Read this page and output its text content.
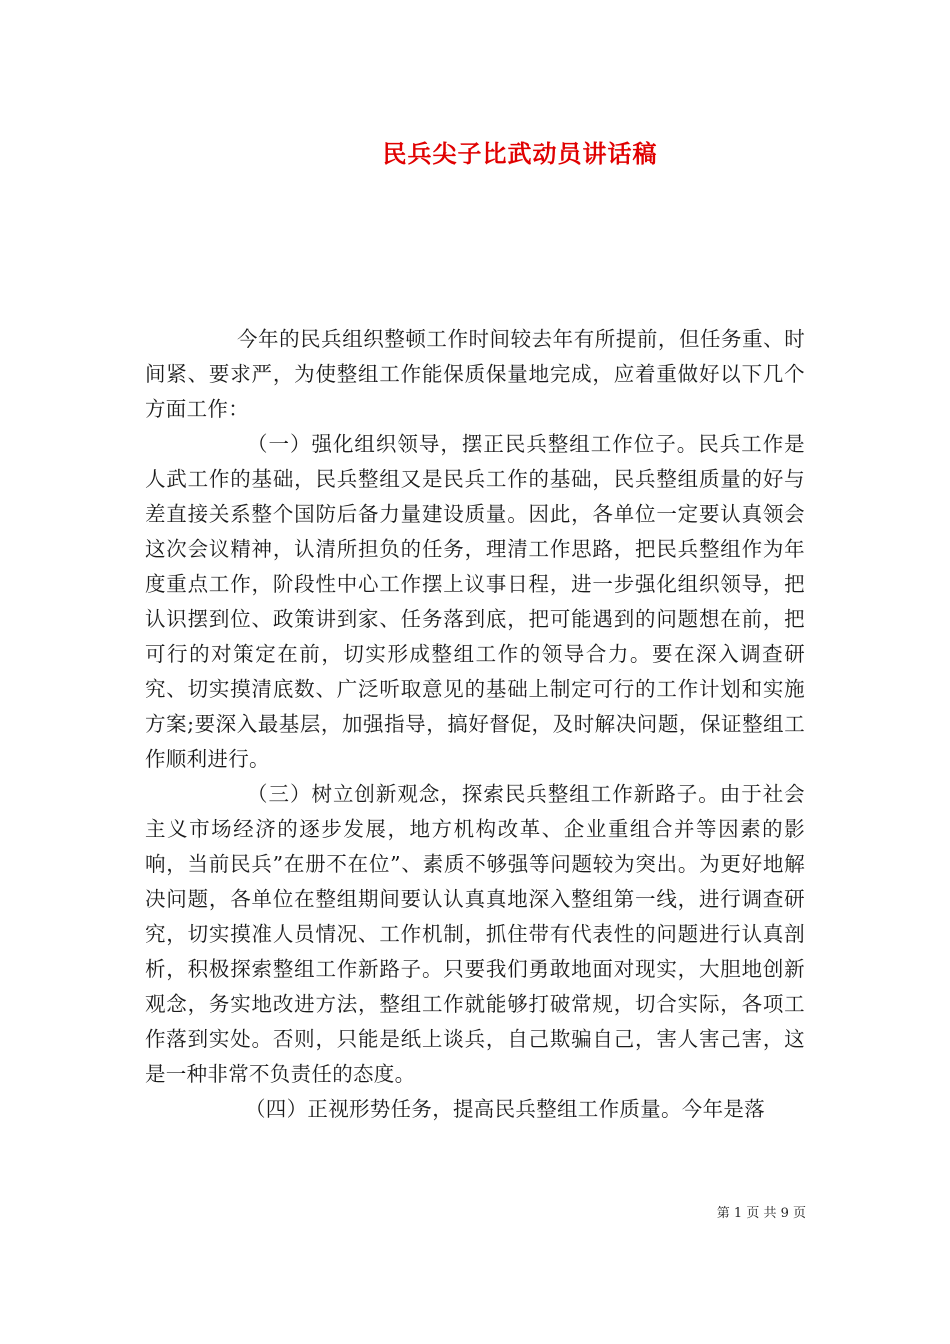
民兵尖子比武动员讲话稿

今年的民兵组织整顿工作时间较去年有所提前，但任务重、时间紧、要求严，为使整组工作能保质保量地完成，应着重做好以下几个方面工作：

（一）强化组织领导，摆正民兵整组工作位子。民兵工作是人武工作的基础，民兵整组又是民兵工作的基础，民兵整组质量的好与差直接关系整个国防后备力量建设质量。因此，各单位一定要认真领会这次会议精神，认清所担负的任务，理清工作思路，把民兵整组作为年度重点工作，阶段性中心工作摆上议事日程，进一步强化组织领导，把认识摆到位、政策讲到家、任务落到底，把可能遇到的问题想在前，把可行的对策定在前，切实形成整组工作的领导合力。要在深入调查研究、切实摸清底数、广泛听取意见的基础上制定可行的工作计划和实施方案;要深入最基层，加强指导，搞好督促，及时解决问题，保证整组工作顺利进行。

（三）树立创新观念，探索民兵整组工作新路子。由于社会主义市场经济的逐步发展，地方机构改革、企业重组合并等因素的影响，当前民兵”在册不在位”、素质不够强等问题较为突出。为更好地解决问题，各单位在整组期间要认认真真地深入整组第一线，进行调查研究，切实摸准人员情况、工作机制，抓住带有代表性的问题进行认真剖析，积极探索整组工作新路子。只要我们勇敢地面对现实，大胆地创新观念，务实地改进方法，整组工作就能够打破常规，切合实际，各项工作落到实处。否则，只能是纸上谈兵，自己欺骗自己，害人害己害，这是一种非常不负责任的态度。

（四）正视形势任务，提高民兵整组工作质量。今年是落

第 1 页 共 9 页
